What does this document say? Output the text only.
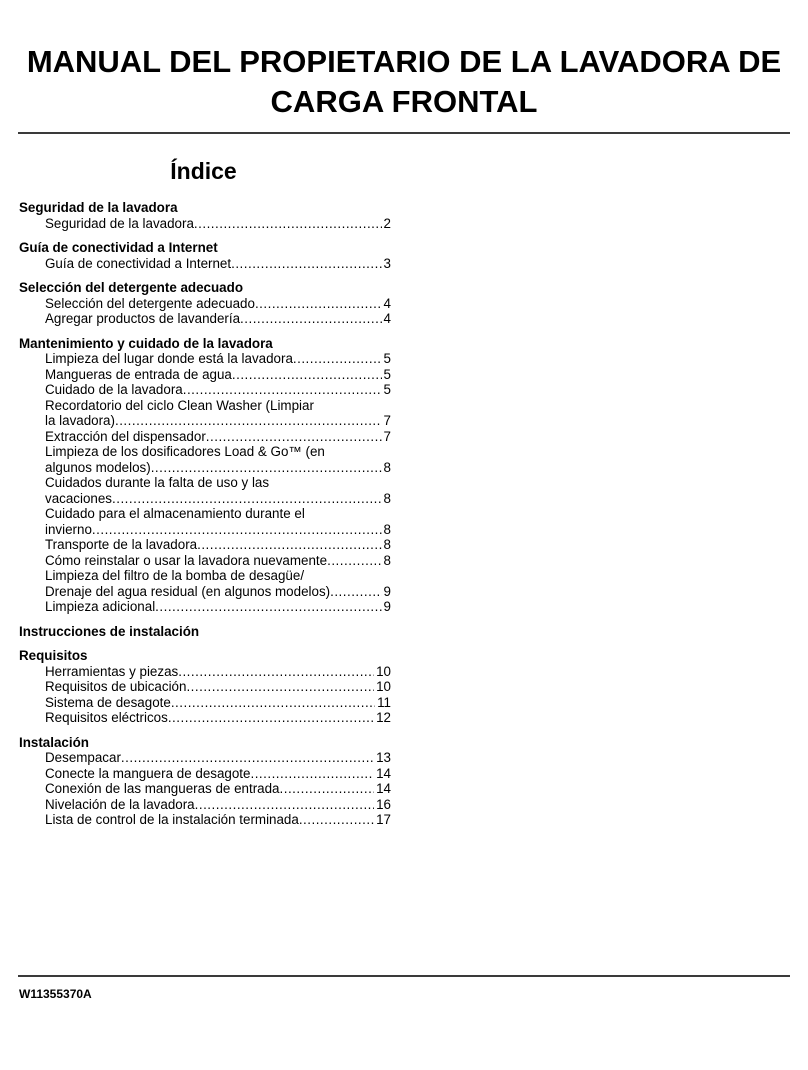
MANUAL DEL PROPIETARIO DE LA LAVADORA DE
CARGA FRONTAL
Índice
Seguridad de la lavadora
Seguridad de la lavadora .....	2
Guía de conectividad a Internet
Guía de conectividad a Internet .....	3
Selección del detergente adecuado
Selección del detergente adecuado .....	4
Agregar productos de lavandería .....	4
Mantenimiento y cuidado de la lavadora
Limpieza del lugar donde está la lavadora .....	5
Mangueras de entrada de agua .....	5
Cuidado de la lavadora .....	5
Recordatorio del ciclo Clean Washer (Limpiar
la lavadora) .....	7
Extracción del dispensador .....	7
Limpieza de los dosificadores Load & Go™ (en
algunos modelos) .....	8
Cuidados durante la falta de uso y las
vacaciones .....	8
Cuidado para el almacenamiento durante el
invierno .....	8
Transporte de la lavadora .....	8
Cómo reinstalar o usar la lavadora nuevamente .....	8
Limpieza del filtro de la bomba de desagüe/
Drenaje del agua residual (en algunos modelos) .....	9
Limpieza adicional .....	9
Instrucciones de instalación
Requisitos
Herramientas y piezas .....	10
Requisitos de ubicación .....	10
Sistema de desagote .....	11
Requisitos eléctricos .....	12
Instalación
Desempacar .....	13
Conecte la manguera de desagote .....	14
Conexión de las mangueras de entrada .....	14
Nivelación de la lavadora .....	16
Lista de control de la instalación terminada .....	17
W11355370A
